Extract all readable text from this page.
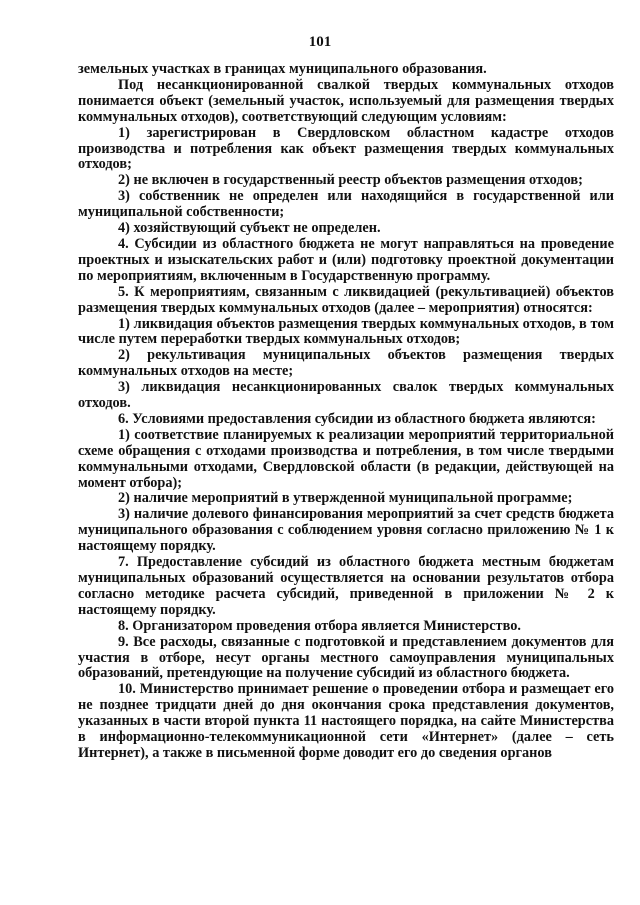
101

земельных участках в границах муниципального образования.

Под несанкционированной свалкой твердых коммунальных отходов понимается объект (земельный участок, используемый для размещения твердых коммунальных отходов), соответствующий следующим условиям:

1) зарегистрирован в Свердловском областном кадастре отходов производства и потребления как объект размещения твердых коммунальных отходов;

2) не включен в государственный реестр объектов размещения отходов;

3) собственник не определен или находящийся в государственной или муниципальной собственности;

4) хозяйствующий субъект не определен.

4. Субсидии из областного бюджета не могут направляться на проведение проектных и изыскательских работ и (или) подготовку проектной документации по мероприятиям, включенным в Государственную программу.

5. К мероприятиям, связанным с ликвидацией (рекультивацией) объектов размещения твердых коммунальных отходов (далее – мероприятия) относятся:

1) ликвидация объектов размещения твердых коммунальных отходов, в том числе путем переработки твердых коммунальных отходов;

2) рекультивация муниципальных объектов размещения твердых коммунальных отходов на месте;

3) ликвидация несанкционированных свалок твердых коммунальных отходов.

6. Условиями предоставления субсидии из областного бюджета являются:

1) соответствие планируемых к реализации мероприятий территориальной схеме обращения с отходами производства и потребления, в том числе твердыми коммунальными отходами, Свердловской области (в редакции, действующей на момент отбора);

2) наличие мероприятий в утвержденной муниципальной программе;

3) наличие долевого финансирования мероприятий за счет средств бюджета муниципального образования с соблюдением уровня согласно приложению № 1 к настоящему порядку.

7. Предоставление субсидий из областного бюджета местным бюджетам муниципальных образований осуществляется на основании результатов отбора согласно методике расчета субсидий, приведенной в приложении № 2 к настоящему порядку.

8. Организатором проведения отбора является Министерство.

9. Все расходы, связанные с подготовкой и представлением документов для участия в отборе, несут органы местного самоуправления муниципальных образований, претендующие на получение субсидий из областного бюджета.

10. Министерство принимает решение о проведении отбора и размещает его не позднее тридцати дней до дня окончания срока представления документов, указанных в части второй пункта 11 настоящего порядка, на сайте Министерства в информационно-телекоммуникационной сети «Интернет» (далее – сеть Интернет), а также в письменной форме доводит его до сведения органов
